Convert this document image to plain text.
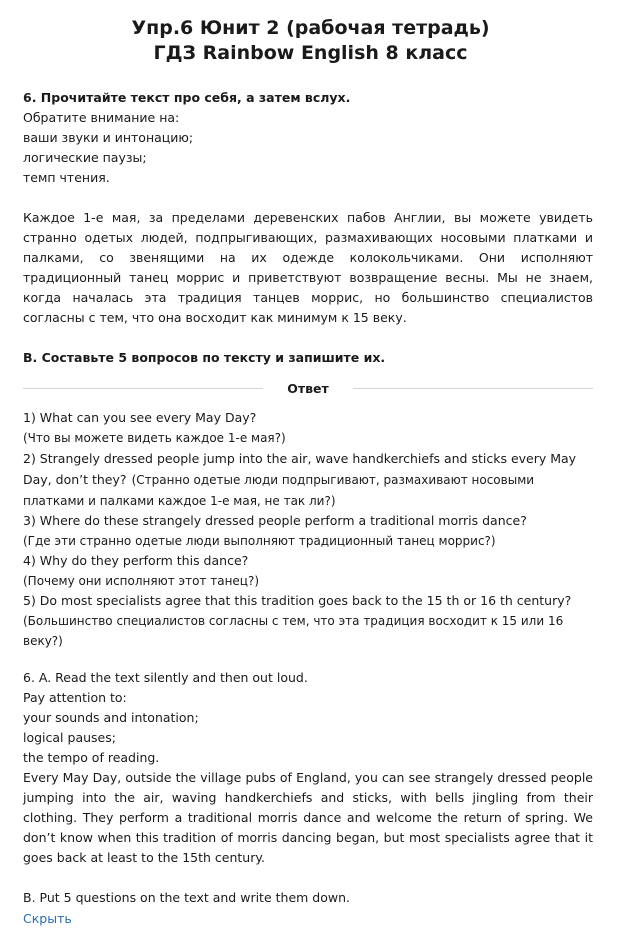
Упр.6 Юнит 2 (рабочая тетрадь)
ГДЗ Rainbow English 8 класс

6. Прочитайте текст про себя, а затем вслух.

Обратите внимание на:

ваши звуки и интонацию;

логические паузы;

темп чтения.

Каждое 1-е мая, за пределами деревенских пабов Англии, вы можете увидеть странно одетых людей, подпрыгивающих, размахивающих носовыми платками и палками, со звенящими на их одежде колокольчиками. Они исполняют традиционный танец моррис и приветствуют возвращение весны. Мы не знаем, когда началась эта традиция танцев моррис, но большинство специалистов согласны с тем, что она восходит как минимум к 15 веку.

B. Составьте 5 вопросов по тексту и запишите их.

Ответ

1) What can you see every May Day?

(Что вы можете видеть каждое 1-е мая?)

2) Strangely dressed people jump into the air, wave handkerchiefs and sticks every May Day, don’t they? (Странно одетые люди подпрыгивают, размахивают носовыми платками и палками каждое 1-е мая, не так ли?)

3) Where do these strangely dressed people perform a traditional morris dance?

(Где эти странно одетые люди выполняют традиционный танец моррис?)

4) Why do they perform this dance?

(Почему они исполняют этот танец?)

5) Do most specialists agree that this tradition goes back to the 15 th or 16 th century?

(Большинство специалистов согласны с тем, что эта традиция восходит к 15 или 16 веку?)

6. A. Read the text silently and then out loud.

Pay attention to:

your sounds and intonation;

logical pauses;

the tempo of reading.

Every May Day, outside the village pubs of England, you can see strangely dressed people jumping into the air, waving handkerchiefs and sticks, with bells jingling from their clothing. They perform a traditional morris dance and welcome the return of spring. We don’t know when this tradition of morris dancing began, but most specialists agree that it goes back at least to the 15th century.

B. Put 5 questions on the text and write them down.

Скрыть
